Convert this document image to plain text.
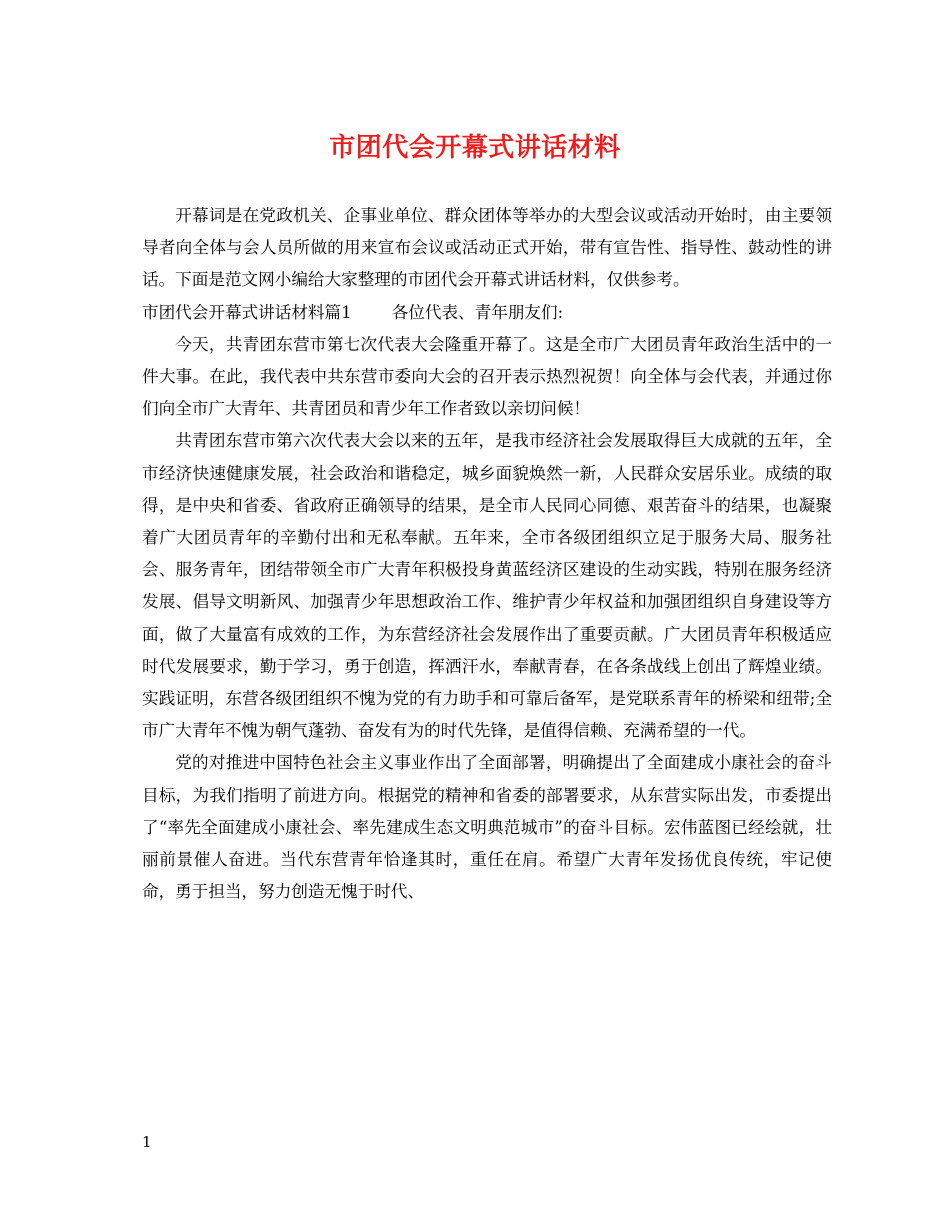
市团代会开幕式讲话材料

开幕词是在党政机关、企事业单位、群众团体等举办的大型会议或活动开始时，由主要领导者向全体与会人员所做的用来宣布会议或活动正式开始，带有宣告性、指导性、鼓动性的讲话。下面是范文网小编给大家整理的市团代会开幕式讲话材料，仅供参考。

市团代会开幕式讲话材料篇1 各位代表、青年朋友们:

今天，共青团东营市第七次代表大会隆重开幕了。这是全市广大团员青年政治生活中的一件大事。在此，我代表中共东营市委向大会的召开表示热烈祝贺！向全体与会代表，并通过你们向全市广大青年、共青团员和青少年工作者致以亲切问候！

共青团东营市第六次代表大会以来的五年，是我市经济社会发展取得巨大成就的五年，全市经济快速健康发展，社会政治和谐稳定，城乡面貌焕然一新，人民群众安居乐业。成绩的取得，是中央和省委、省政府正确领导的结果，是全市人民同心同德、艰苦奋斗的结果，也凝聚着广大团员青年的辛勤付出和无私奉献。五年来，全市各级团组织立足于服务大局、服务社会、服务青年，团结带领全市广大青年积极投身黄蓝经济区建设的生动实践，特别在服务经济发展、倡导文明新风、加强青少年思想政治工作、维护青少年权益和加强团组织自身建设等方面，做了大量富有成效的工作，为东营经济社会发展作出了重要贡献。广大团员青年积极适应时代发展要求，勤于学习，勇于创造，挥洒汗水，奉献青春，在各条战线上创出了辉煌业绩。实践证明，东营各级团组织不愧为党的有力助手和可靠后备军，是党联系青年的桥梁和纽带;全市广大青年不愧为朝气蓬勃、奋发有为的时代先锋，是值得信赖、充满希望的一代。

党的对推进中国特色社会主义事业作出了全面部署，明确提出了全面建成小康社会的奋斗目标，为我们指明了前进方向。根据党的精神和省委的部署要求，从东营实际出发，市委提出了“率先全面建成小康社会、率先建成生态文明典范城市”的奋斗目标。宏伟蓝图已经绘就，壮丽前景催人奋进。当代东营青年恰逢其时，重任在肩。希望广大青年发扬优良传统，牢记使命，勇于担当，努力创造无愧于时代、

1
